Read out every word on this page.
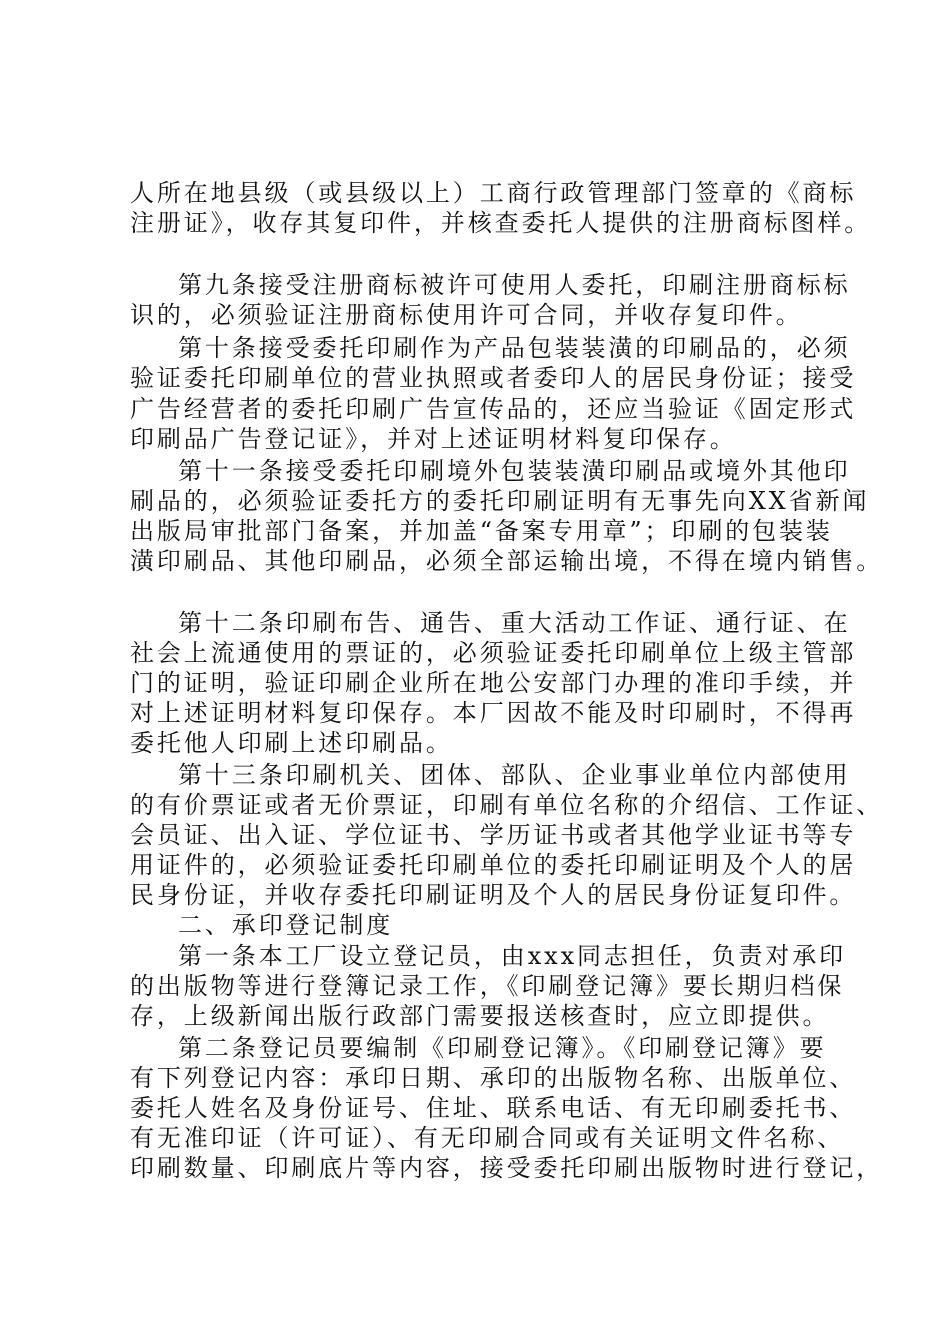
人所在地县级（或县级以上）工商行政管理部门签章的《商标
注册证》，收存其复印件，并核查委托人提供的注册商标图样。
第九条接受注册商标被许可使用人委托，印刷注册商标标
识的，必须验证注册商标使用许可合同，并收存复印件。
第十条接受委托印刷作为产品包装装潢的印刷品的，必须
验证委托印刷单位的营业执照或者委印人的居民身份证；接受
广告经营者的委托印刷广告宣传品的，还应当验证《固定形式
印刷品广告登记证》，并对上述证明材料复印保存。
第十一条接受委托印刷境外包装装潢印刷品或境外其他印
刷品的，必须验证委托方的委托印刷证明有无事先向XX省新闻
出版局审批部门备案，并加盖“备案专用章”；印刷的包装装
潢印刷品、其他印刷品，必须全部运输出境，不得在境内销售。
第十二条印刷布告、通告、重大活动工作证、通行证、在
社会上流通使用的票证的，必须验证委托印刷单位上级主管部
门的证明，验证印刷企业所在地公安部门办理的准印手续，并
对上述证明材料复印保存。本厂因故不能及时印刷时，不得再
委托他人印刷上述印刷品。
第十三条印刷机关、团体、部队、企业事业单位内部使用
的有价票证或者无价票证，印刷有单位名称的介绍信、工作证、
会员证、出入证、学位证书、学历证书或者其他学业证书等专
用证件的，必须验证委托印刷单位的委托印刷证明及个人的居
民身份证，并收存委托印刷证明及个人的居民身份证复印件。
二、承印登记制度
第一条本工厂设立登记员，由xxx同志担任，负责对承印
的出版物等进行登簿记录工作，《印刷登记簿》要长期归档保
存，上级新闻出版行政部门需要报送核查时，应立即提供。
第二条登记员要编制《印刷登记簿》。《印刷登记簿》要
有下列登记内容：承印日期、承印的出版物名称、出版单位、
委托人姓名及身份证号、住址、联系电话、有无印刷委托书、
有无准印证（许可证）、有无印刷合同或有关证明文件名称、
印刷数量、印刷底片等内容，接受委托印刷出版物时进行登记，
